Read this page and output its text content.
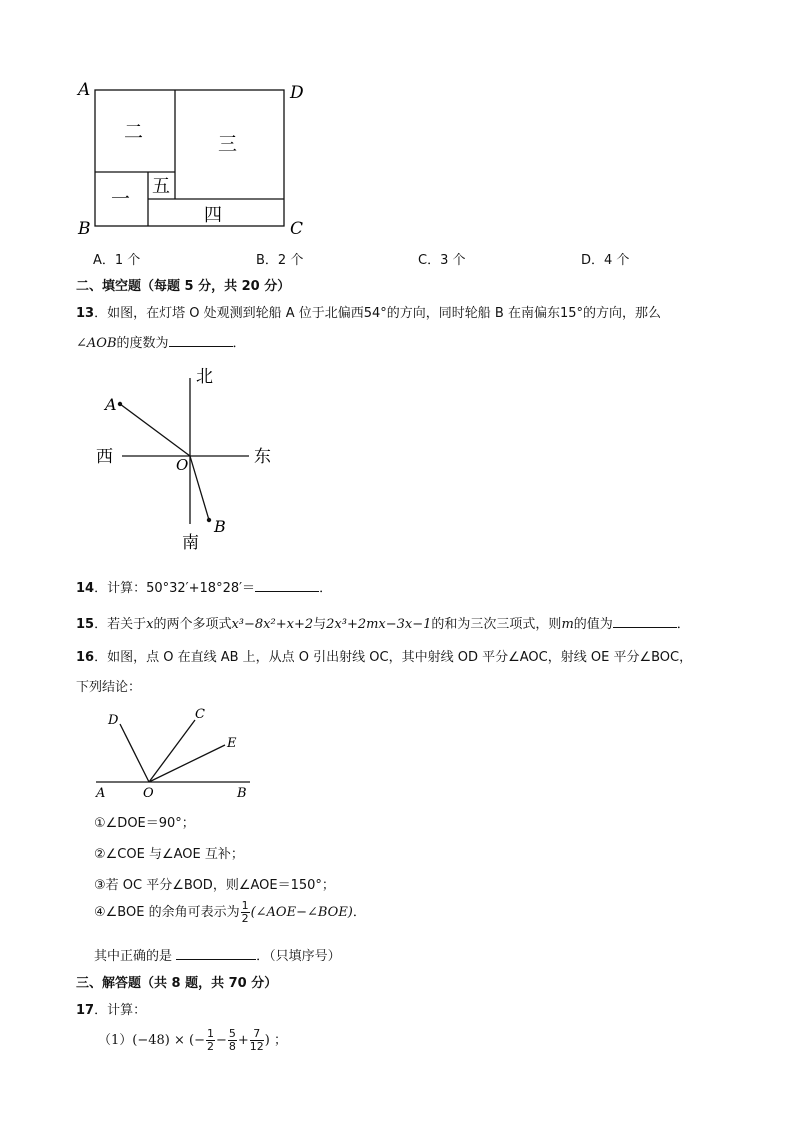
A	D
B	C
二
三
一
五
四
A．1 个	B．2 个	C．3 个	D．4 个
二、填空题（每题 5 分，共 20 分）
13．如图，在灯塔 O 处观测到轮船 A 位于北偏西54°的方向，同时轮船 B 在南偏东15°的方向，那么
∠AOB的度数为	．
北
南
西	东
A
B
O
14．计算：50°32′+18°28′＝	．
15．若关于x的两个多项式x³−8x²+x+2与2x³+2mx−3x−1的和为三次三项式，则m的值为	．
16．如图，点 O 在直线 AB 上，从点 O 引出射线 OC，其中射线 OD 平分∠AOC，射线 OE 平分∠BOC，
下列结论：
D	C
E
A	O	B
①∠DOE＝90°；
②∠COE 与∠AOE 互补；
③若 OC 平分∠BOD，则∠AOE＝150°；
④∠BOE 的余角可表示为 $\frac{1}{2}$ (∠AOE−∠BOE)．
其中正确的是	．（只填序号）
三、解答题（共 8 题，共 70 分）
17．计算：
（1）(−48) × (− $\frac{1}{2} - \frac{5}{8} + \frac{7}{12}$ ) ；
